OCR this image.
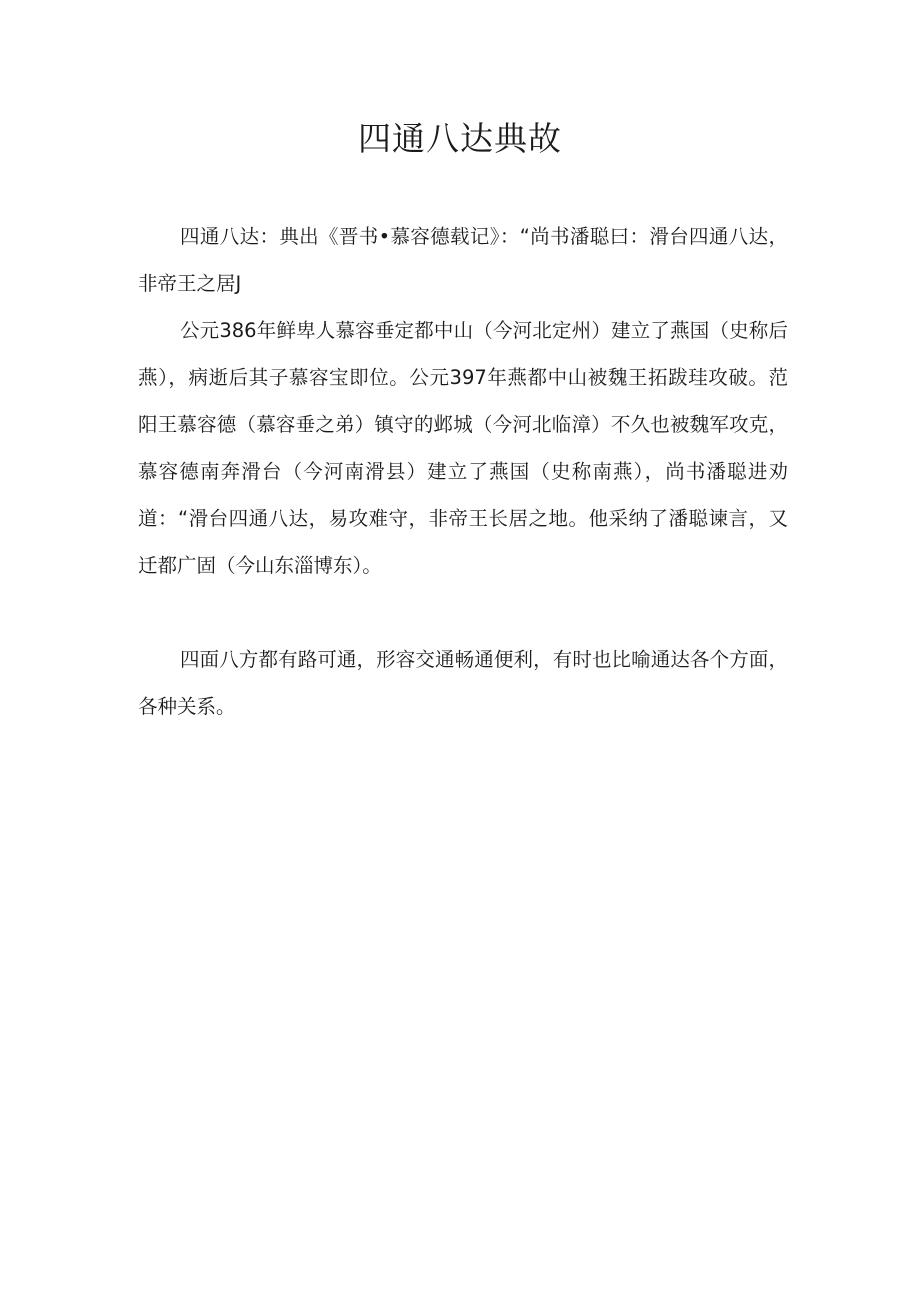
四通八达典故

四通八达：典出《晋书•慕容德载记》：“尚书潘聪曰：滑台四通八达，非帝王之居J

公元386年鲜卑人慕容垂定都中山（今河北定州）建立了燕国（史称后燕），病逝后其子慕容宝即位。公元397年燕都中山被魏王拓跋珪攻破。范阳王慕容德（慕容垂之弟）镇守的邺城（今河北临漳）不久也被魏军攻克，慕容德南奔滑台（今河南滑县）建立了燕国（史称南燕），尚书潘聪进劝道：“滑台四通八达，易攻难守，非帝王长居之地。他采纳了潘聪谏言，又迁都广固（今山东淄博东）。

四面八方都有路可通，形容交通畅通便利，有时也比喻通达各个方面，各种关系。
